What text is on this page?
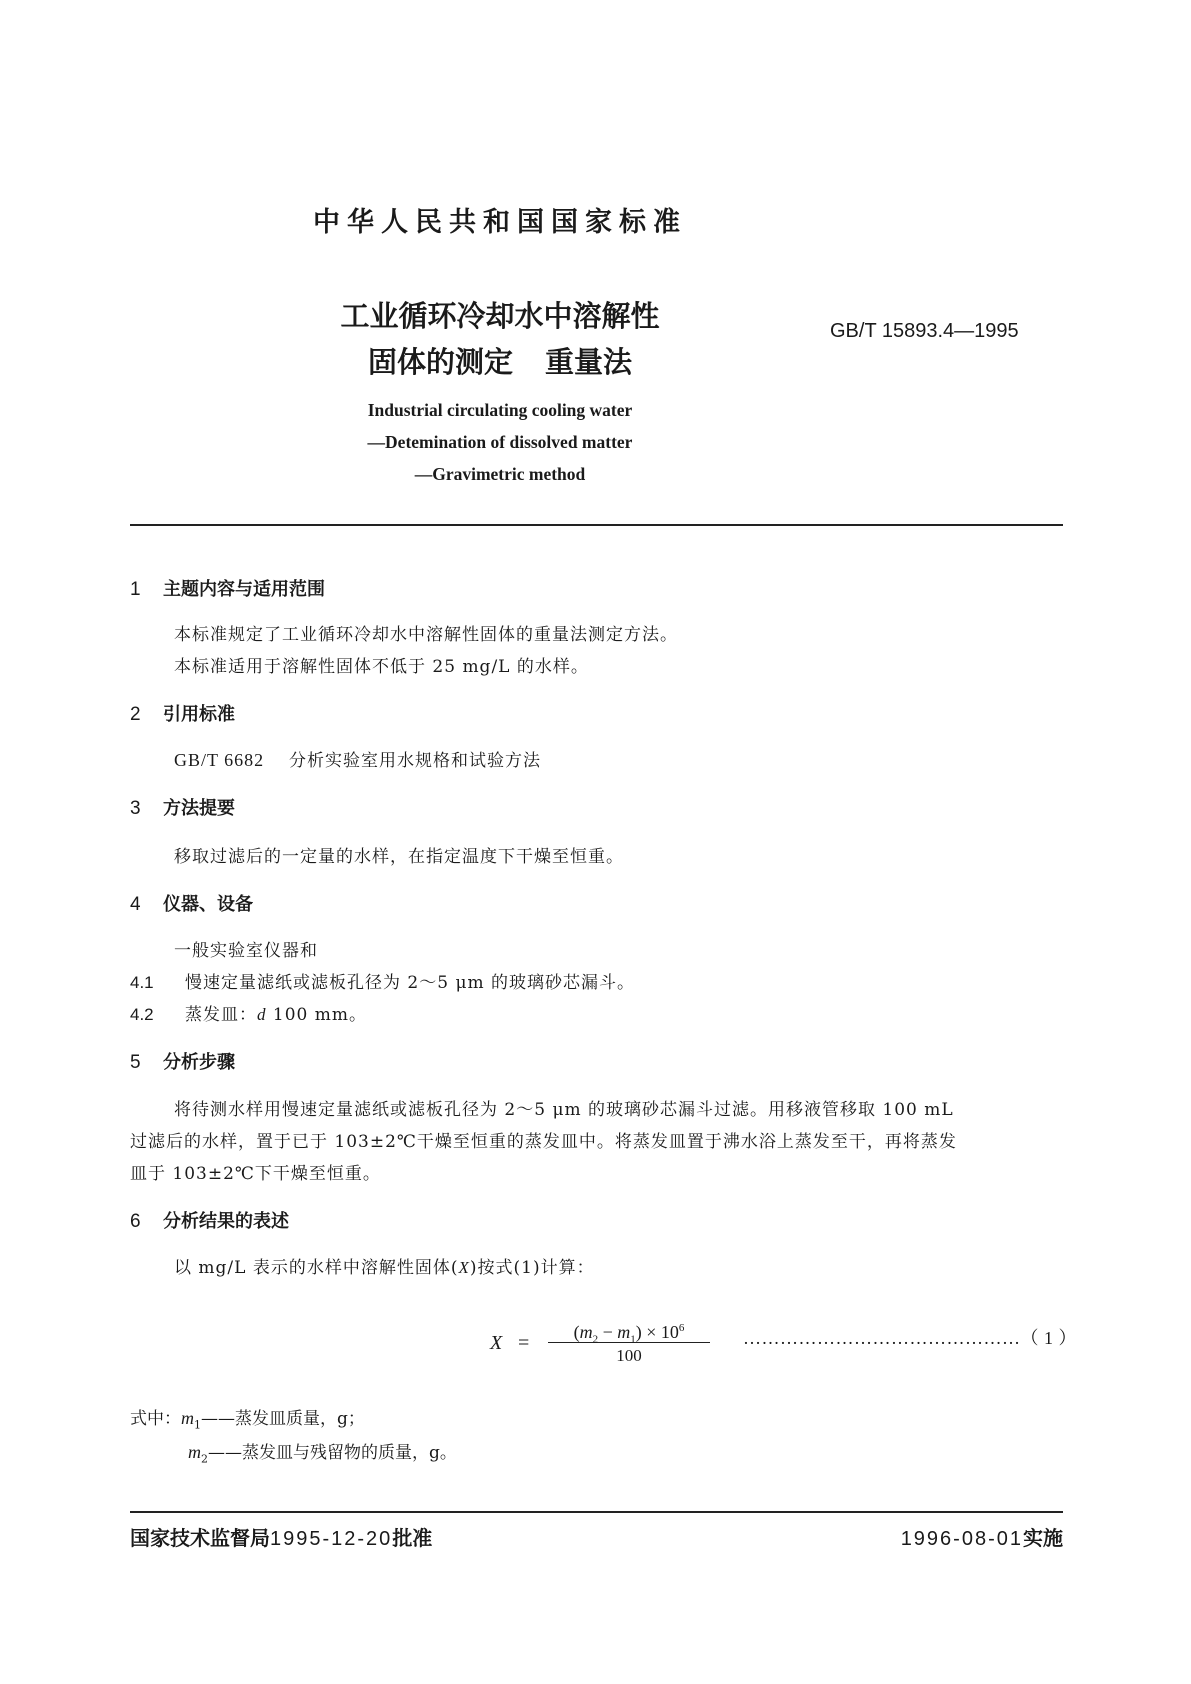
中华人民共和国国家标准
工业循环冷却水中溶解性
固体的测定 重量法
GB/T 15893.4—1995
Industrial circulating cooling water
—Detemination of dissolved matter
—Gravimetric method
1 主题内容与适用范围
本标准规定了工业循环冷却水中溶解性固体的重量法测定方法。
本标准适用于溶解性固体不低于 25 mg/L 的水样。
2 引用标准
GB/T 6682 分析实验室用水规格和试验方法
3 方法提要
移取过滤后的一定量的水样，在指定温度下干燥至恒重。
4 仪器、设备
一般实验室仪器和
4.1 慢速定量滤纸或滤板孔径为 2～5 μm 的玻璃砂芯漏斗。
4.2 蒸发皿：d 100 mm。
5 分析步骤
将待测水样用慢速定量滤纸或滤板孔径为 2～5 μm 的玻璃砂芯漏斗过滤。用移液管移取 100 mL
过滤后的水样，置于已于 103±2℃干燥至恒重的蒸发皿中。将蒸发皿置于沸水浴上蒸发至干，再将蒸发
皿于 103±2℃下干燥至恒重。
6 分析结果的表述
以 mg/L 表示的水样中溶解性固体(X)按式(1)计算：
X =	$(m_2 - m_1) \times 10^6$
100
………………………………………（ 1 ）
式中：$m_1——$蒸发皿质量，g；
$m_2——$蒸发皿与残留物的质量，g。
国家技术监督局1995-12-20批准	1996-08-01实施
